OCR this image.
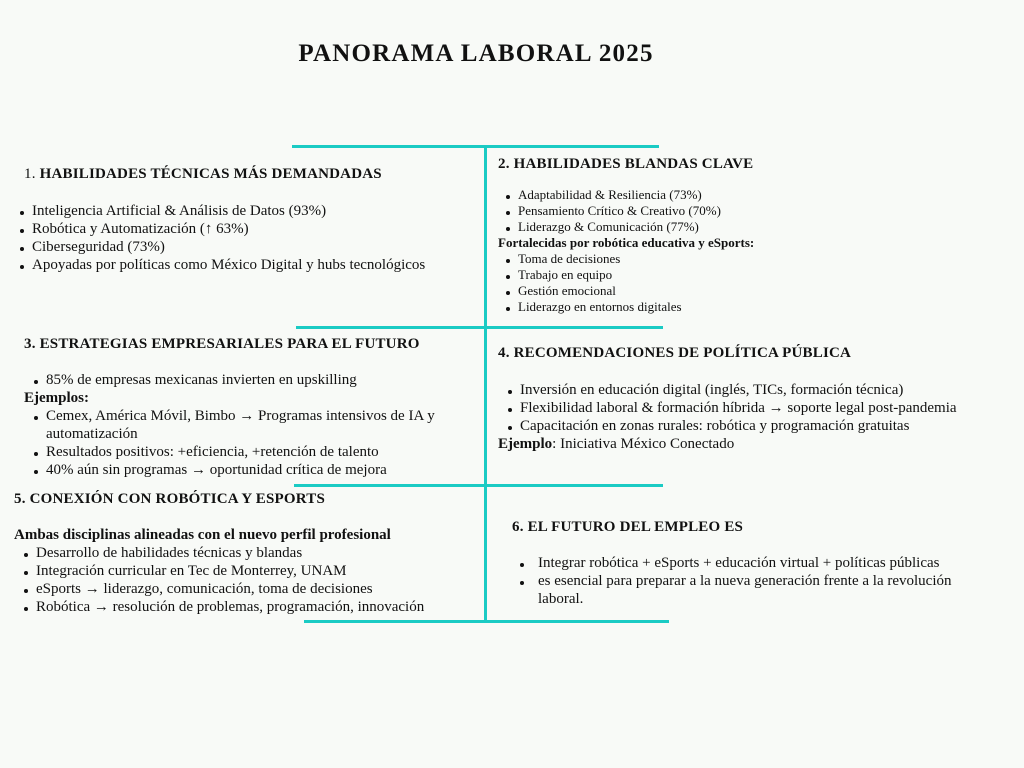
PANORAMA LABORAL 2025
1. HABILIDADES TÉCNICAS MÁS DEMANDADAS
Inteligencia Artificial & Análisis de Datos (93%)
Robótica y Automatización (↑ 63%)
Ciberseguridad (73%)
Apoyadas por políticas como México Digital y hubs tecnológicos
2. HABILIDADES BLANDAS CLAVE
Adaptabilidad & Resiliencia (73%)
Pensamiento Crítico & Creativo (70%)
Liderazgo & Comunicación (77%)
Fortalecidas por robótica educativa y eSports:
Toma de decisiones
Trabajo en equipo
Gestión emocional
Liderazgo en entornos digitales
3. ESTRATEGIAS EMPRESARIALES PARA EL FUTURO
85% de empresas mexicanas invierten en upskilling
Ejemplos:
Cemex, América Móvil, Bimbo → Programas intensivos de IA y automatización
Resultados positivos: +eficiencia, +retención de talento
40% aún sin programas → oportunidad crítica de mejora
4. RECOMENDACIONES DE POLÍTICA PÚBLICA
Inversión en educación digital (inglés, TICs, formación técnica)
Flexibilidad laboral & formación híbrida → soporte legal post-pandemia
Capacitación en zonas rurales: robótica y programación gratuitas
Ejemplo: Iniciativa México Conectado
5. CONEXIÓN CON ROBÓTICA Y ESPORTS
Ambas disciplinas alineadas con el nuevo perfil profesional
Desarrollo de habilidades técnicas y blandas
Integración curricular en Tec de Monterrey, UNAM
eSports → liderazgo, comunicación, toma de decisiones
Robótica → resolución de problemas, programación, innovación
6. EL FUTURO DEL EMPLEO ES
Integrar robótica + eSports + educación virtual + políticas públicas
es esencial para preparar a la nueva generación frente a la revolución laboral.
